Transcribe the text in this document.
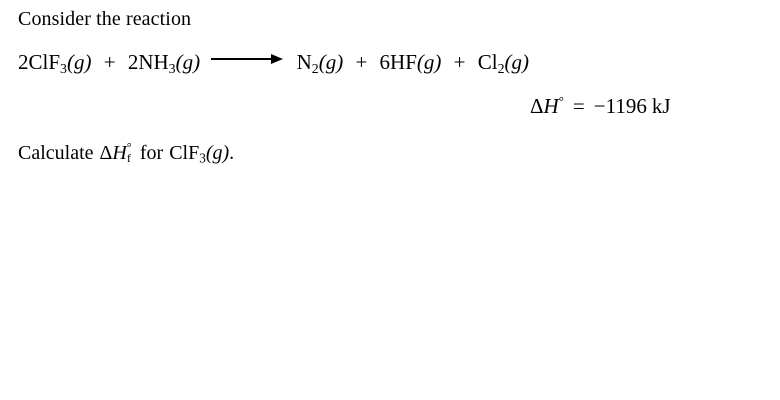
Consider the reaction
$2ClF_3(g) + 2NH_3(g)$	$N_2(g) + 6HF(g) + Cl_2(g)$
ΔH° = −1196 kJ
Calculate ΔH °
f for ClF$_3$(g).
